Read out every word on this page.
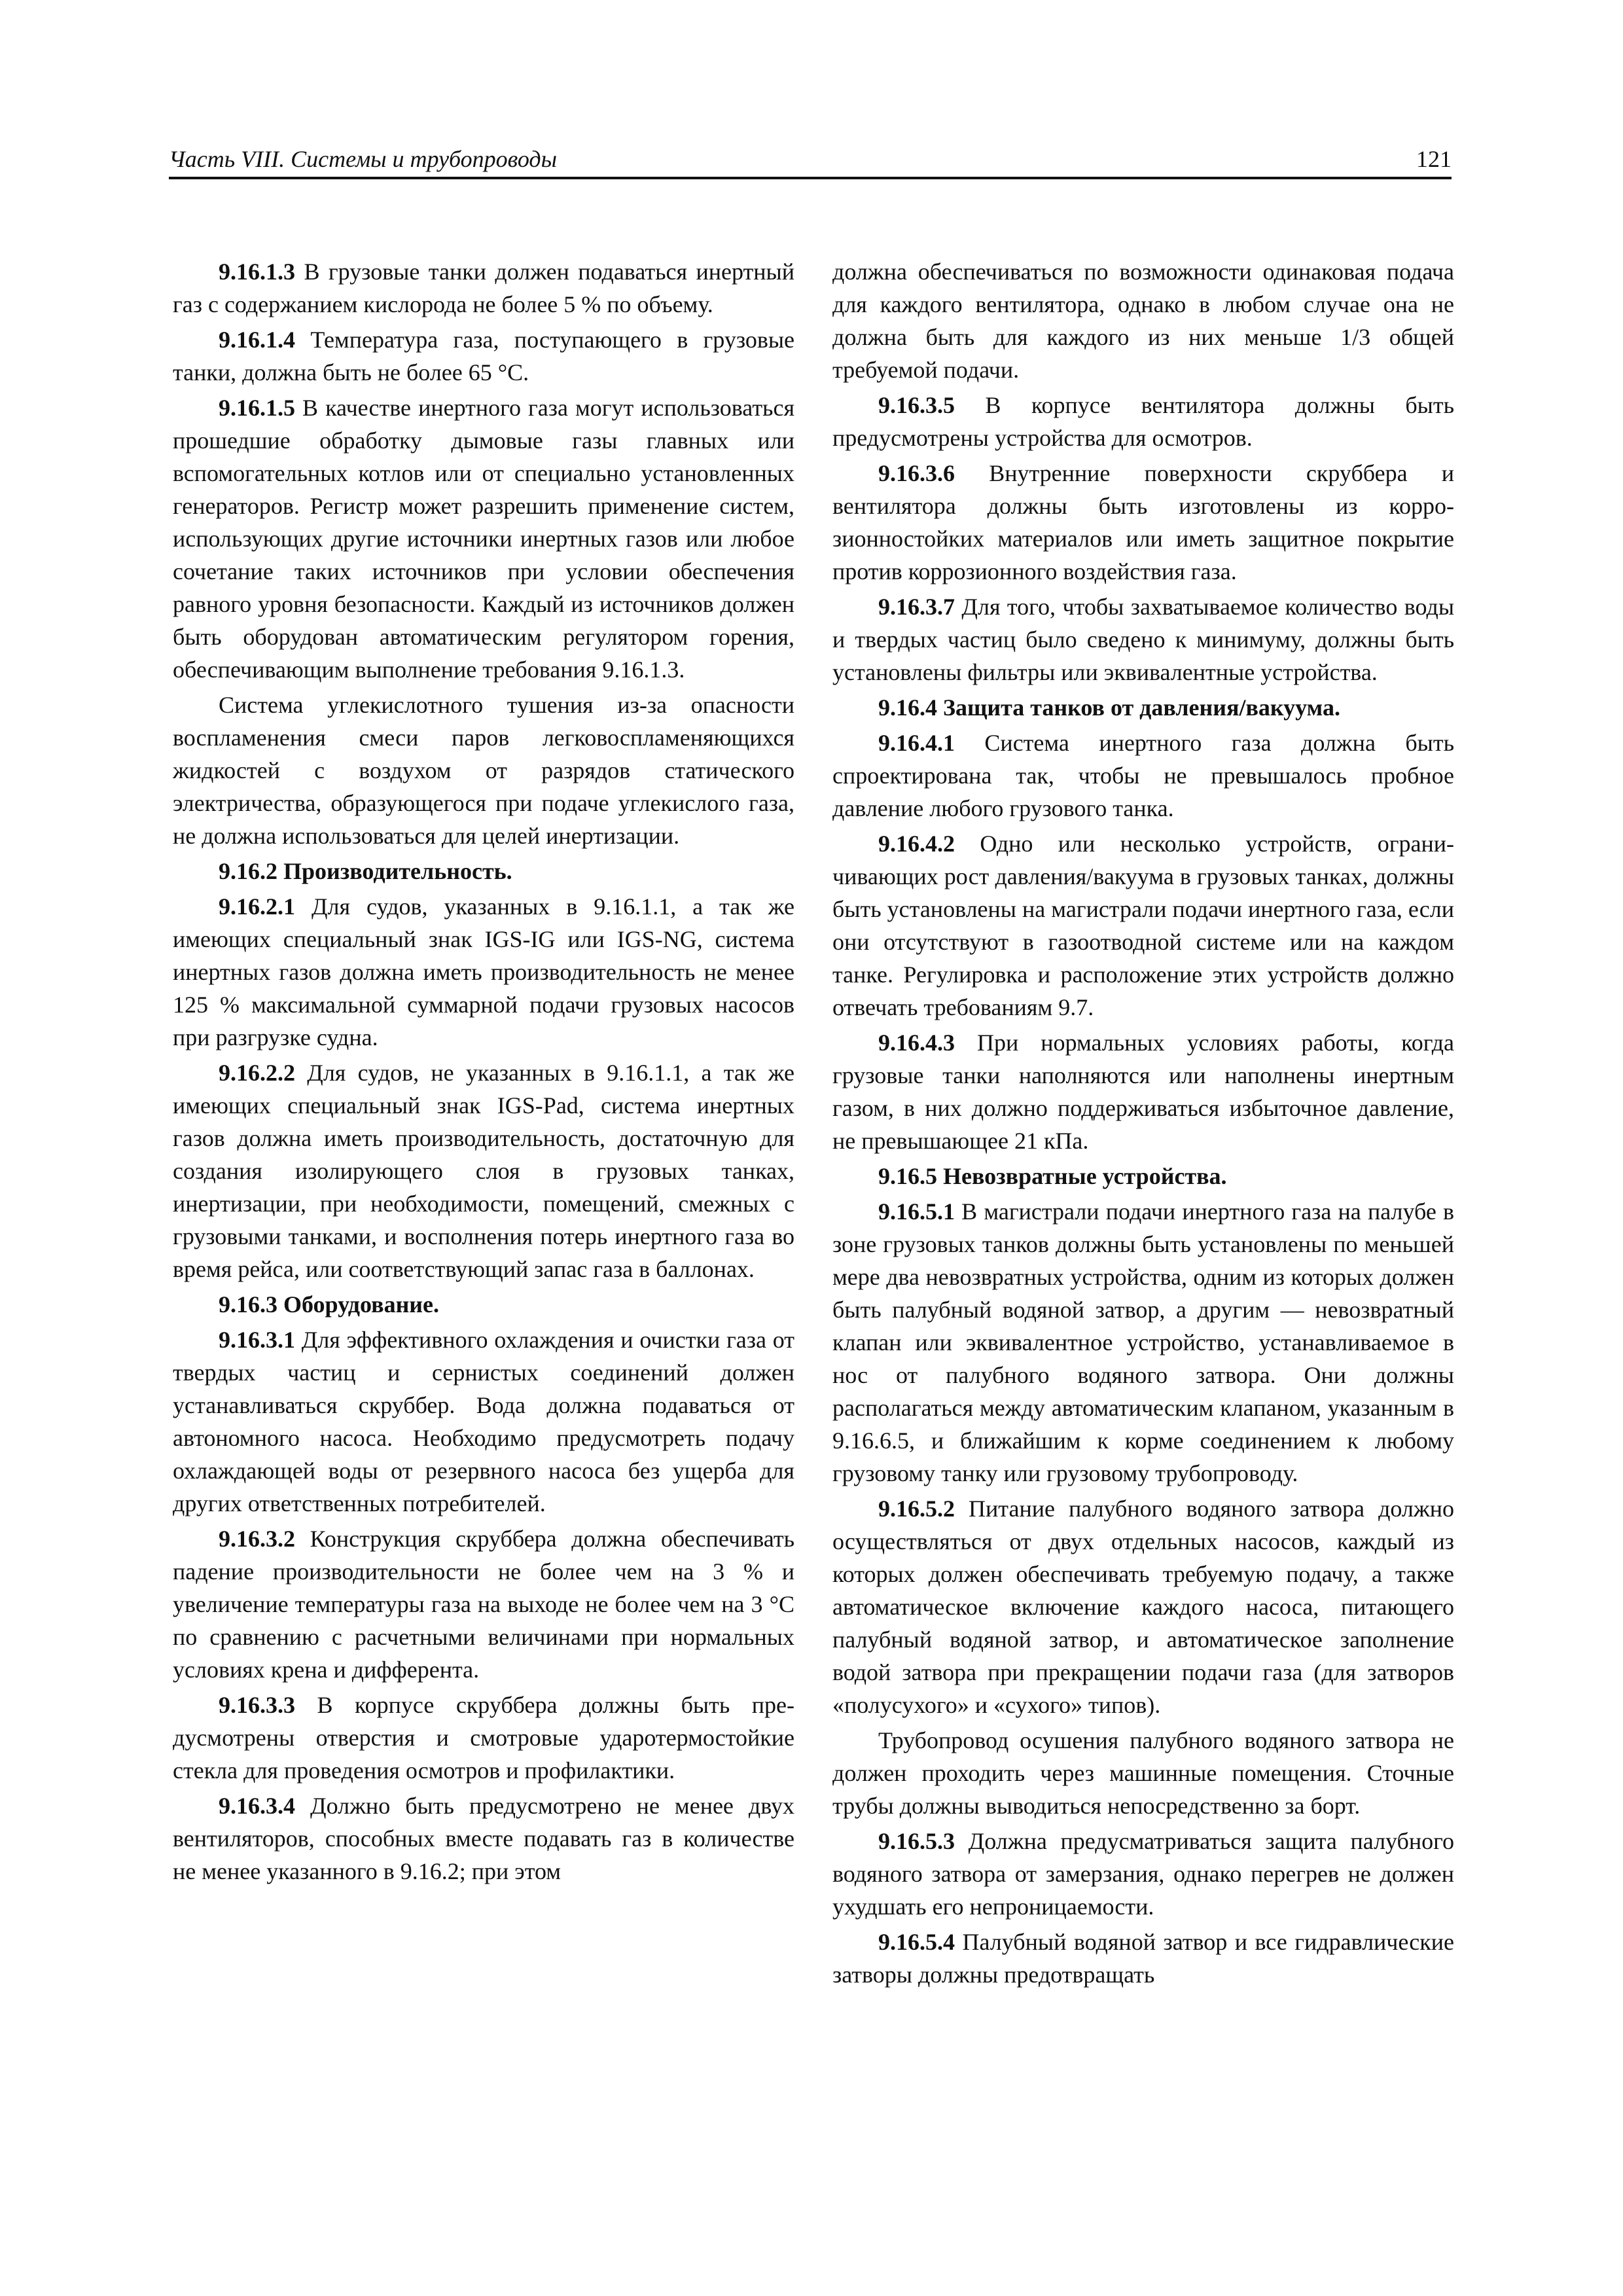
Часть VIII. Системы и трубопроводы	121

9.16.1.3 В грузовые танки должен подаваться инертный газ с содержанием кислорода не более 5 % по объему.

9.16.1.4 Температура газа, поступающего в грузовые танки, должна быть не более 65 °С.

9.16.1.5 В качестве инертного газа могут использоваться прошедшие обработку дымовые газы главных или вспомогательных котлов или от специально установленных генераторов. Регистр может разрешить применение систем, использующих другие источники инертных газов или любое сочетание таких источников при условии обеспечения равного уровня безопасности. Каждый из источников должен быть оборудован автоматическим регулятором горения, обеспечивающим выполнение требования 9.16.1.3.

Система углекислотного тушения из-за опасности воспламенения смеси паров легковоспламеняющихся жидкостей с воздухом от разрядов статического электричества, образующегося при подаче углекислого газа, не должна использоваться для целей инертизации.

9.16.2 Производительность.

9.16.2.1 Для судов, указанных в 9.16.1.1, а так же имеющих специальный знак IGS-IG или IGS-NG, система инертных газов должна иметь производительность не менее 125 % максимальной суммарной подачи грузовых насосов при разгрузке судна.

9.16.2.2 Для судов, не указанных в 9.16.1.1, а так же имеющих специальный знак IGS-Pad, система инертных газов должна иметь производительность, достаточную для создания изолирующего слоя в грузовых танках, инертизации, при необходимости, помещений, смежных с грузовыми танками, и восполнения потерь инертного газа во время рейса, или соответствующий запас газа в баллонах.

9.16.3 Оборудование.

9.16.3.1 Для эффективного охлаждения и очистки газа от твердых частиц и сернистых соединений должен устанавливаться скруббер. Вода должна подаваться от автономного насоса. Необходимо предусмотреть подачу охлаждающей воды от резервного насоса без ущерба для других ответственных потребителей.

9.16.3.2 Конструкция скруббера должна обеспечивать падение производительности не более чем на 3 % и увеличение температуры газа на выходе не более чем на 3 °С по сравнению с расчетными величинами при нормальных условиях крена и дифферента.

9.16.3.3 В корпусе скруббера должны быть предусмотрены отверстия и смотровые ударотермостойкие стекла для проведения осмотров и профилактики.

9.16.3.4 Должно быть предусмотрено не менее двух вентиляторов, способных вместе подавать газ в количестве не менее указанного в 9.16.2; при этом

должна обеспечиваться по возможности одинаковая подача для каждого вентилятора, однако в любом случае она не должна быть для каждого из них меньше 1/3 общей требуемой подачи.

9.16.3.5 В корпусе вентилятора должны быть предусмотрены устройства для осмотров.

9.16.3.6 Внутренние поверхности скруббера и вентилятора должны быть изготовлены из коррозионностойких материалов или иметь защитное покрытие против коррозионного воздействия газа.

9.16.3.7 Для того, чтобы захватываемое количество воды и твердых частиц было сведено к минимуму, должны быть установлены фильтры или эквивалентные устройства.

9.16.4 Защита танков от давления/вакуума.

9.16.4.1 Система инертного газа должна быть спроектирована так, чтобы не превышалось пробное давление любого грузового танка.

9.16.4.2 Одно или несколько устройств, ограничивающих рост давления/вакуума в грузовых танках, должны быть установлены на магистрали подачи инертного газа, если они отсутствуют в газоотводной системе или на каждом танке. Регулировка и расположение этих устройств должно отвечать требованиям 9.7.

9.16.4.3 При нормальных условиях работы, когда грузовые танки наполняются или наполнены инертным газом, в них должно поддерживаться избыточное давление, не превышающее 21 кПа.

9.16.5 Невозвратные устройства.

9.16.5.1 В магистрали подачи инертного газа на палубе в зоне грузовых танков должны быть установлены по меньшей мере два невозвратных устройства, одним из которых должен быть палубный водяной затвор, а другим — невозвратный клапан или эквивалентное устройство, устанавливаемое в нос от палубного водяного затвора. Они должны располагаться между автоматическим клапаном, указанным в 9.16.6.5, и ближайшим к корме соединением к любому грузовому танку или грузовому трубопроводу.

9.16.5.2 Питание палубного водяного затвора должно осуществляться от двух отдельных насосов, каждый из которых должен обеспечивать требуемую подачу, а также автоматическое включение каждого насоса, питающего палубный водяной затвор, и автоматическое заполнение водой затвора при прекращении подачи газа (для затворов «полусухого» и «сухого» типов).

Трубопровод осушения палубного водяного затвора не должен проходить через машинные помещения. Сточные трубы должны выводиться непосредственно за борт.

9.16.5.3 Должна предусматриваться защита палубного водяного затвора от замерзания, однако перегрев не должен ухудшать его непроницаемости.

9.16.5.4 Палубный водяной затвор и все гидравлические затворы должны предотвращать
